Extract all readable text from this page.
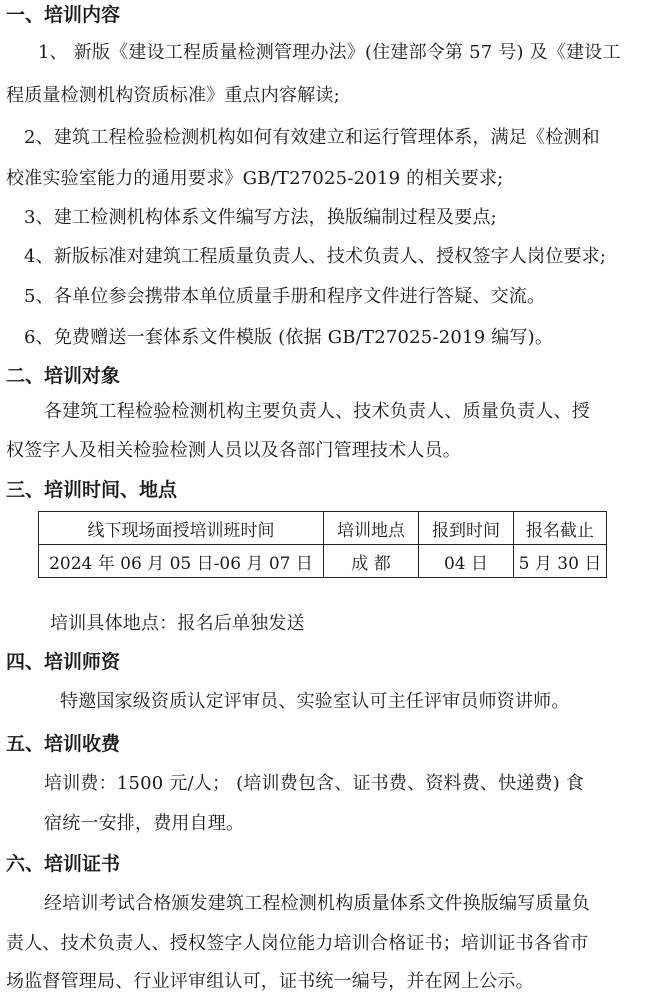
一、培训内容
1、 新版《建设工程质量检测管理办法》(住建部令第 57 号) 及《建设工
程质量检测机构资质标准》重点内容解读;
2、建筑工程检验检测机构如何有效建立和运行管理体系，满足《检测和
校准实验室能力的通用要求》GB/T27025-2019 的相关要求;
3、建工检测机构体系文件编写方法，换版编制过程及要点;
4、新版标准对建筑工程质量负责人、技术负责人、授权签字人岗位要求;
5、各单位参会携带本单位质量手册和程序文件进行答疑、交流。
6、免费赠送一套体系文件模版 (依据 GB/T27025-2019 编写)。
二、培训对象
各建筑工程检验检测机构主要负责人、技术负责人、质量负责人、授
权签字人及相关检验检测人员以及各部门管理技术人员。
三、培训时间、地点
线下现场面授培训班时间	培训地点	报到时间	报名截止
2024 年 06 月 05 日-06 月 07 日	成 都	04 日	5 月 30 日
培训具体地点：报名后单独发送
四、培训师资
特邀国家级资质认定评审员、实验室认可主任评审员师资讲师。
五、培训收费
培训费：1500 元/人； (培训费包含、证书费、资料费、快递费) 食
宿统一安排，费用自理。
六、培训证书
经培训考试合格颁发建筑工程检测机构质量体系文件换版编写质量负
责人、技术负责人、授权签字人岗位能力培训合格证书；培训证书各省市
场监督管理局、行业评审组认可，证书统一编号，并在网上公示。
